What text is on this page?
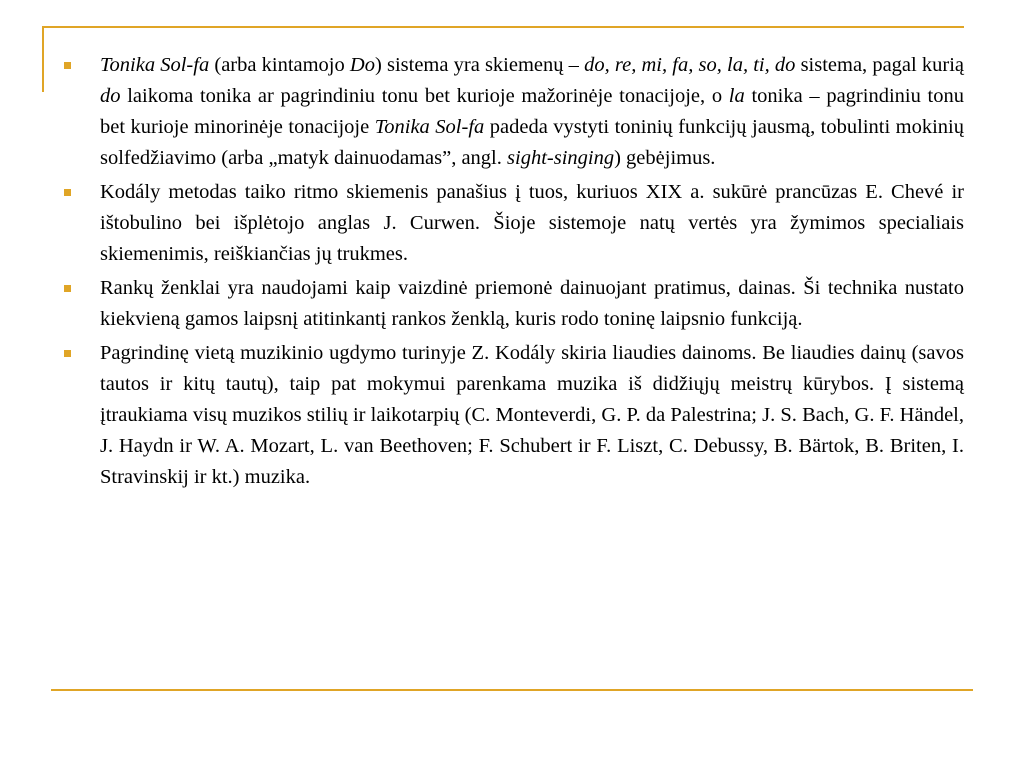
Tonika Sol-fa (arba kintamojo Do) sistema yra skiemenų – do, re, mi, fa, so, la, ti, do sistema, pagal kurią do laikoma tonika ar pagrindiniu tonu bet kurioje mažorinėje tonacijoje, o la tonika – pagrindiniu tonu bet kurioje minorinėje tonacijoje Tonika Sol-fa padeda vystyti toninių funkcijų jausmą, tobulinti mokinių solfedžiavimo (arba „matyk dainuodamas”, angl. sight-singing) gebėjimus.
Kodály metodas taiko ritmo skiemenis panašius į tuos, kuriuos XIX a. sukūrė prancūzas E. Chevé ir ištobulino bei išplėtojo anglas J. Curwen. Šioje sistemoje natų vertės yra žymimos specialiais skiemenimis, reiškiančias jų trukmes.
Rankų ženklai yra naudojami kaip vaizdinė priemonė dainuojant pratimus, dainas. Ši technika nustato kiekvieną gamos laipsnį atitinkantį rankos ženklą, kuris rodo toninę laipsnio funkciją.
Pagrindinę vietą muzikinio ugdymo turinyje Z. Kodály skiria liaudies dainoms. Be liaudies dainų (savos tautos ir kitų tautų), taip pat mokymui parenkama muzika iš didžiųjų meistrų kūrybos. Į sistemą įtraukiama visų muzikos stilių ir laikotarpių (C. Monteverdi, G. P. da Palestrina; J. S. Bach, G. F. Händel, J. Haydn ir W. A. Mozart, L. van Beethoven; F. Schubert ir F. Liszt, C. Debussy, B. Bärtok, B. Briten, I. Stravinskij ir kt.) muzika.
